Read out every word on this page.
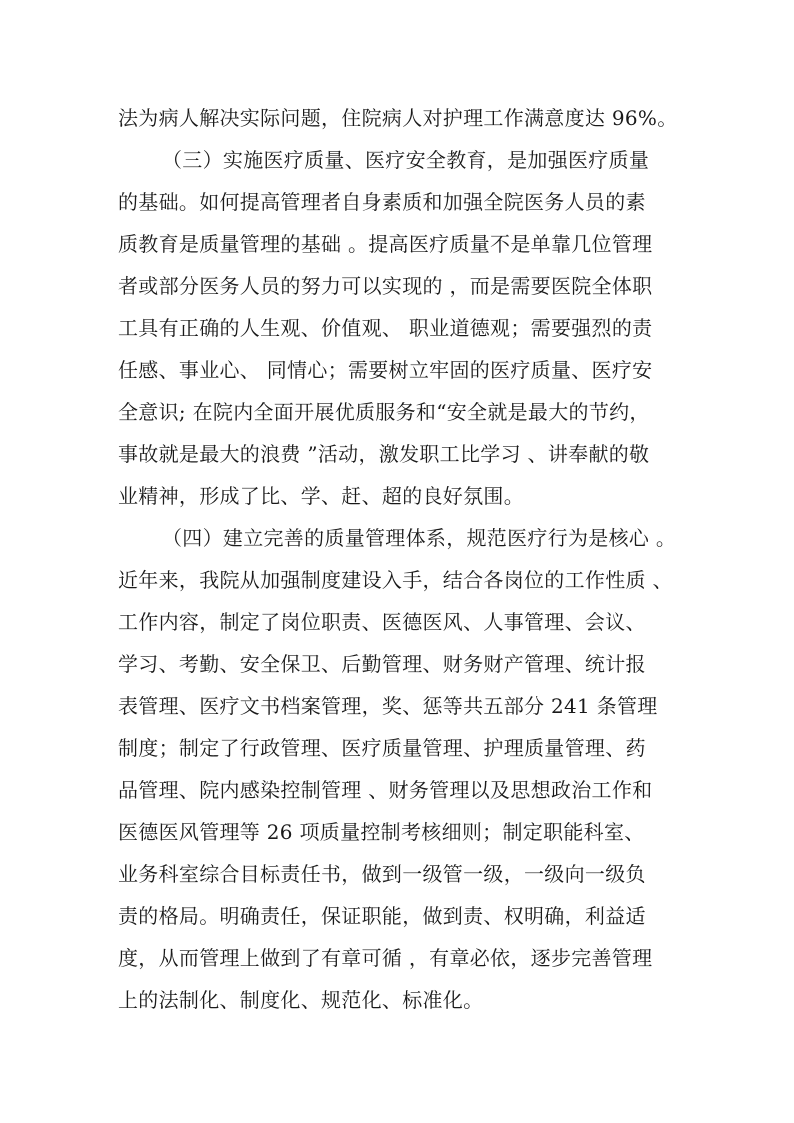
法为病人解决实际问题，住院病人对护理工作满意度达 96%。

（三）实施医疗质量、医疗安全教育，是加强医疗质量

的基础。如何提高管理者自身素质和加强全院医务人员的素

质教育是质量管理的基础 。提高医疗质量不是单靠几位管理

者或部分医务人员的努力可以实现的 ，而是需要医院全体职

工具有正确的人生观、价值观、 职业道德观；需要强烈的责

任感、事业心、 同情心；需要树立牢固的医疗质量、医疗安

全意识; 在院内全面开展优质服务和“安全就是最大的节约，

事故就是最大的浪费 ”活动，激发职工比学习 、讲奉献的敬

业精神，形成了比、学、赶、超的良好氛围。

（四）建立完善的质量管理体系，规范医疗行为是核心 。

近年来，我院从加强制度建设入手，结合各岗位的工作性质 、

工作内容，制定了岗位职责、医德医风、人事管理、会议、

学习、考勤、安全保卫、后勤管理、财务财产管理、统计报

表管理、医疗文书档案管理，奖、惩等共五部分 241 条管理

制度；制定了行政管理、医疗质量管理、护理质量管理、药

品管理、院内感染控制管理 、财务管理以及思想政治工作和

医德医风管理等 26 项质量控制考核细则；制定职能科室、

业务科室综合目标责任书，做到一级管一级，一级向一级负

责的格局。明确责任，保证职能，做到责、权明确，利益适

度，从而管理上做到了有章可循 ，有章必依，逐步完善管理

上的法制化、制度化、规范化、标准化。
